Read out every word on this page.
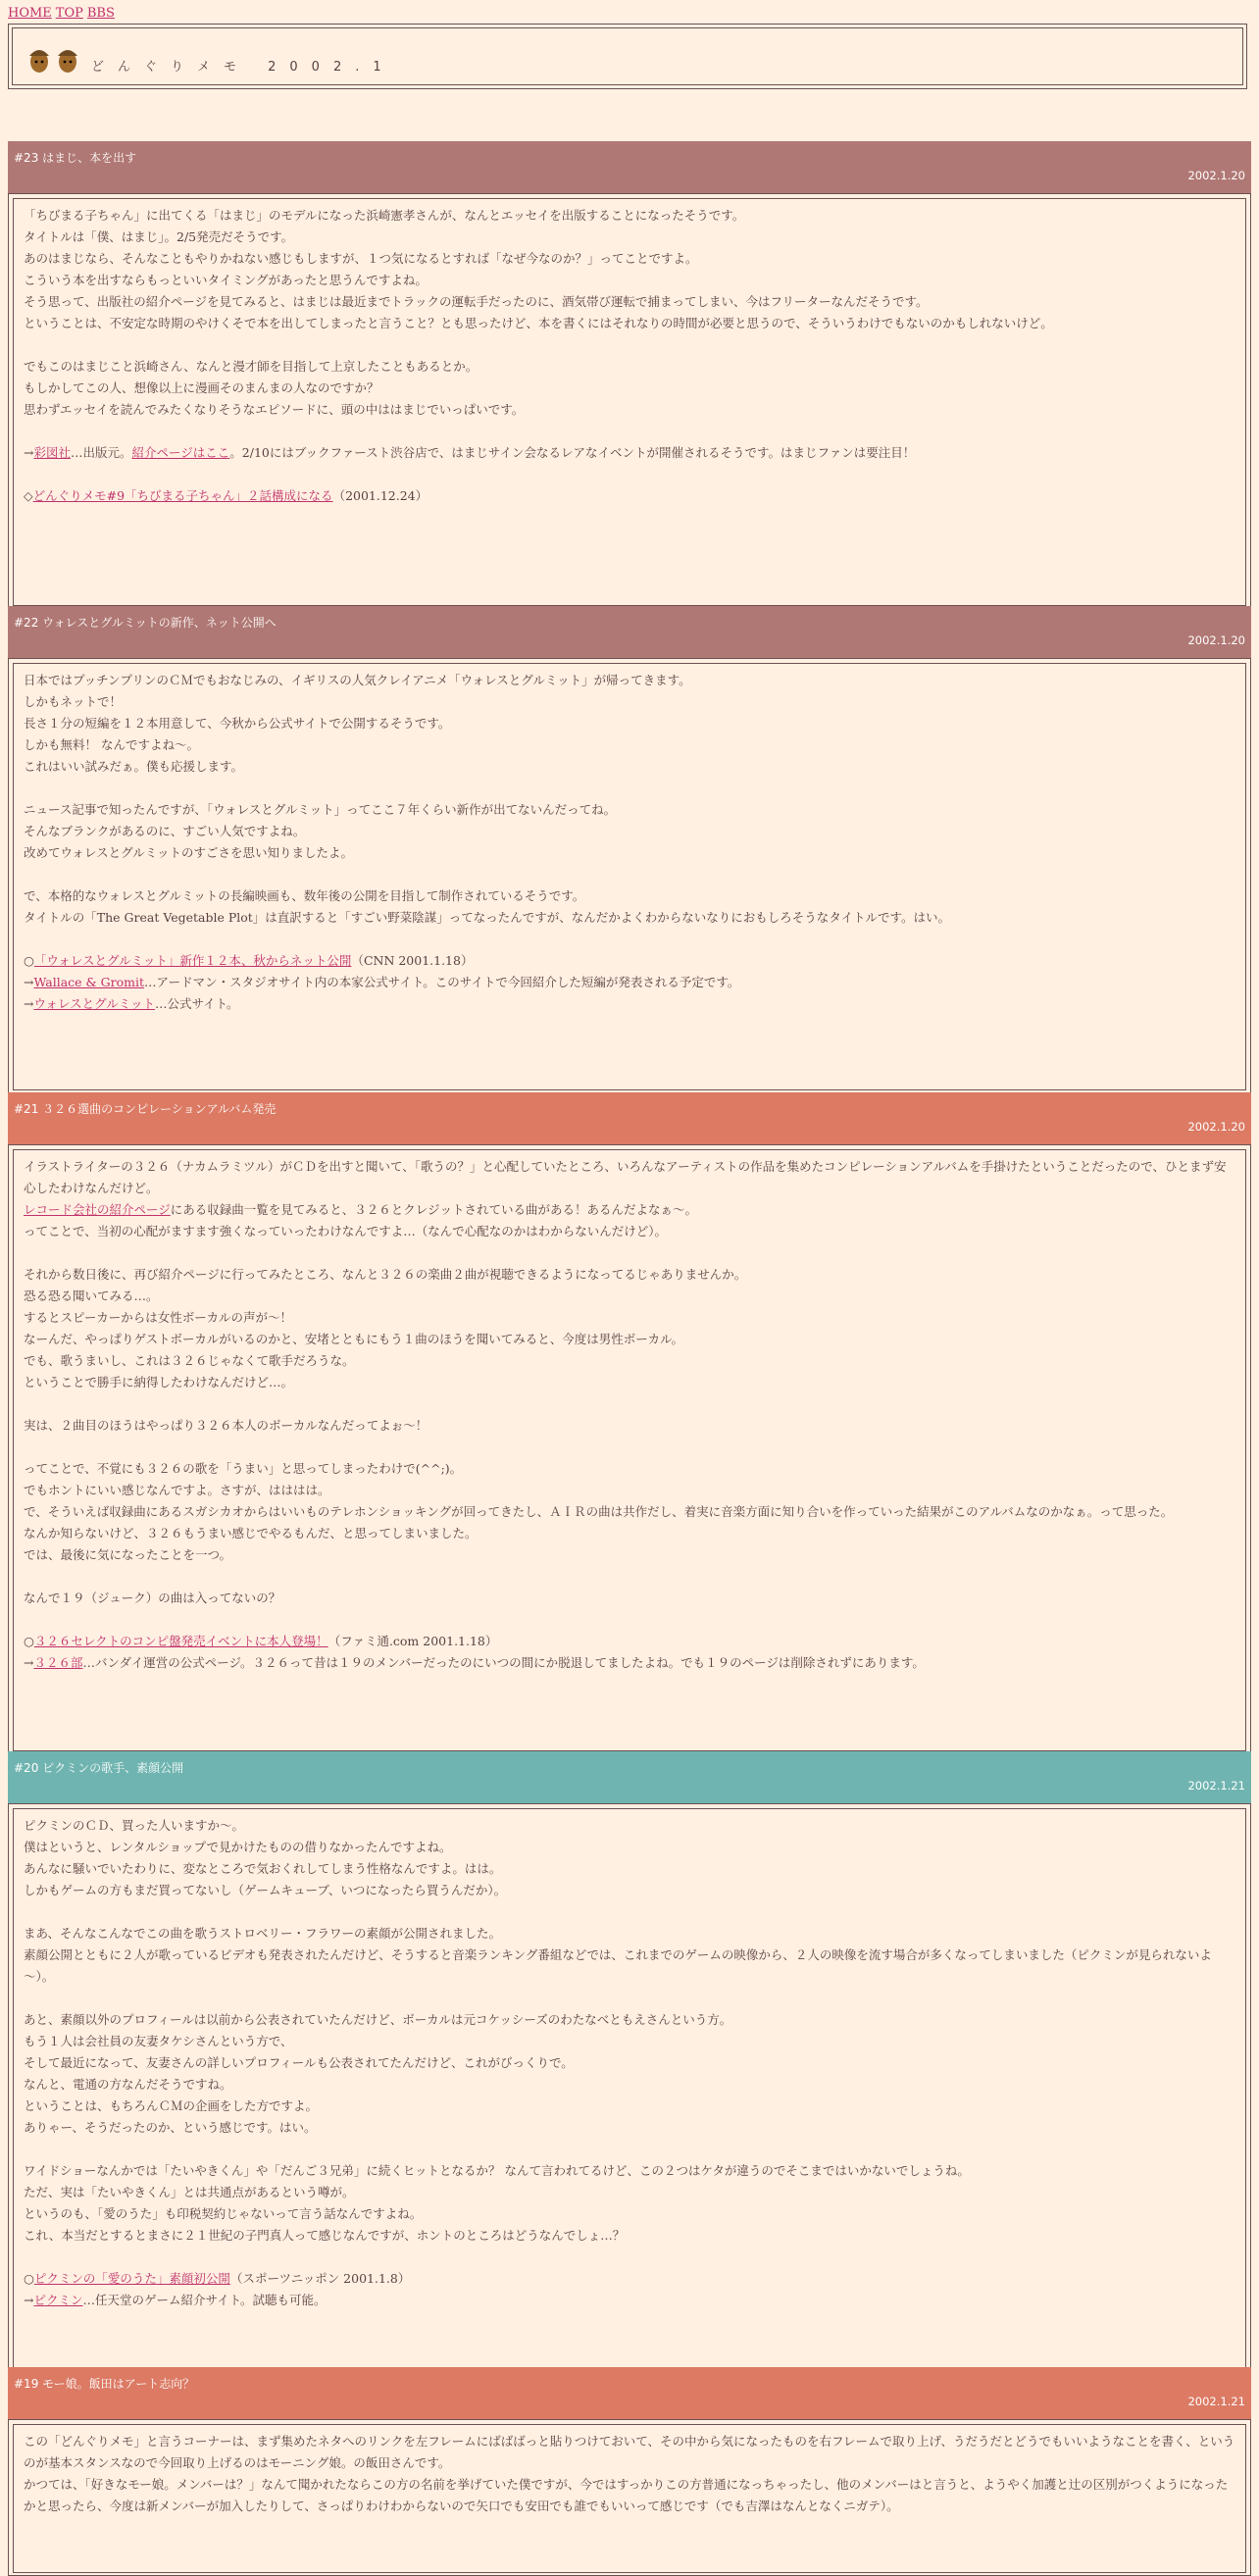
HOME TOP BBS
どんぐりメモ 2002.1
#23 はまじ、本を出す
2002.1.20

「ちびまる子ちゃん」に出てくる「はまじ」のモデルになった浜崎憲孝さんが、なんとエッセイを出版することになったそうです。

タイトルは「僕、はまじ」。2/5発売だそうです。

あのはまじなら、そんなこともやりかねない感じもしますが、１つ気になるとすれば「なぜ今なのか？」ってことですよ。

こういう本を出すならもっといいタイミングがあったと思うんですよね。

そう思って、出版社の紹介ページを見てみると、はまじは最近までトラックの運転手だったのに、酒気帯び運転で捕まってしまい、今はフリーターなんだそうです。

ということは、不安定な時期のやけくそで本を出してしまったと言うこと？とも思ったけど、本を書くにはそれなりの時間が必要と思うので、そういうわけでもないのかもしれないけど。

でもこのはまじこと浜崎さん、なんと漫才師を目指して上京したこともあるとか。

もしかしてこの人、想像以上に漫画そのまんまの人なのですか？

思わずエッセイを読んでみたくなりそうなエピソードに、頭の中ははまじでいっぱいです。

→彩図社…出版元。紹介ページはここ。2/10にはブックファースト渋谷店で、はまじサイン会なるレアなイベントが開催されるそうです。はまじファンは要注目！

◇どんぐりメモ#9「ちびまる子ちゃん」２話構成になる（2001.12.24）

#22 ウォレスとグルミットの新作、ネット公開へ
2002.1.20

日本ではプッチンプリンのＣＭでもおなじみの、イギリスの人気クレイアニメ「ウォレスとグルミット」が帰ってきます。

しかもネットで！

長さ１分の短編を１２本用意して、今秋から公式サイトで公開するそうです。

しかも無料！ なんですよね～。

これはいい試みだぁ。僕も応援します。

ニュース記事で知ったんですが、「ウォレスとグルミット」ってここ７年くらい新作が出てないんだってね。

そんなブランクがあるのに、すごい人気ですよね。

改めてウォレスとグルミットのすごさを思い知りましたよ。

で、本格的なウォレスとグルミットの長編映画も、数年後の公開を目指して制作されているそうです。

タイトルの「The Great Vegetable Plot」は直訳すると「すごい野菜陰謀」ってなったんですが、なんだかよくわからないなりにおもしろそうなタイトルです。はい。

○「ウォレスとグルミット」新作１２本、秋からネット公開（CNN 2001.1.18）

→Wallace & Gromit…アードマン・スタジオサイト内の本家公式サイト。このサイトで今回紹介した短編が発表される予定です。

→ウォレスとグルミット…公式サイト。

#21 ３２６選曲のコンピレーションアルバム発売
2002.1.20

イラストライターの３２６（ナカムラミツル）がＣＤを出すと聞いて、「歌うの？」と心配していたところ、いろんなアーティストの作品を集めたコンピレーションアルバムを手掛けたということだったので、ひとまず安心したわけなんだけど。

レコード会社の紹介ページにある収録曲一覧を見てみると、３２６とクレジットされている曲がある！あるんだよなぁ～。

ってことで、当初の心配がますます強くなっていったわけなんですよ…（なんで心配なのかはわからないんだけど）。

それから数日後に、再び紹介ページに行ってみたところ、なんと３２６の楽曲２曲が視聴できるようになってるじゃありませんか。

恐る恐る聞いてみる…。

するとスピーカーからは女性ボーカルの声が～！

なーんだ、やっぱりゲストボーカルがいるのかと、安堵とともにもう１曲のほうを聞いてみると、今度は男性ボーカル。

でも、歌うまいし、これは３２６じゃなくて歌手だろうな。

ということで勝手に納得したわけなんだけど…。

実は、２曲目のほうはやっぱり３２６本人のボーカルなんだってよぉ～！

ってことで、不覚にも３２６の歌を「うまい」と思ってしまったわけで(^^;)。

でもホントにいい感じなんですよ。さすが、はははは。

で、そういえば収録曲にあるスガシカオからはいいものテレホンショッキングが回ってきたし、ＡＩＲの曲は共作だし、着実に音楽方面に知り合いを作っていった結果がこのアルバムなのかなぁ。って思った。

なんか知らないけど、３２６もうまい感じでやるもんだ、と思ってしまいました。

では、最後に気になったことを一つ。

なんで１９（ジューク）の曲は入ってないの？

○３２６セレクトのコンピ盤発売イベントに本人登場！（ファミ通.com 2001.1.18）

→３２６部…バンダイ運営の公式ページ。３２６って昔は１９のメンバーだったのにいつの間にか脱退してましたよね。でも１９のページは削除されずにあります。

#20 ピクミンの歌手、素顔公開
2002.1.21

ピクミンのＣＤ、買った人いますか～。

僕はというと、レンタルショップで見かけたものの借りなかったんですよね。

あんなに騒いでいたわりに、変なところで気おくれしてしまう性格なんですよ。はは。

しかもゲームの方もまだ買ってないし（ゲームキューブ、いつになったら買うんだか）。

まあ、そんなこんなでこの曲を歌うストロベリー・フラワーの素顔が公開されました。

素顔公開とともに２人が歌っているビデオも発表されたんだけど、そうすると音楽ランキング番組などでは、これまでのゲームの映像から、２人の映像を流す場合が多くなってしまいました（ピクミンが見られないよ～）。

あと、素顔以外のプロフィールは以前から公表されていたんだけど、ボーカルは元コケッシーズのわたなべともえさんという方。

もう１人は会社員の友妻タケシさんという方で、

そして最近になって、友妻さんの詳しいプロフィールも公表されてたんだけど、これがびっくりで。

なんと、電通の方なんだそうですね。

ということは、もちろんＣＭの企画をした方ですよ。

ありゃー、そうだったのか、という感じです。はい。

ワイドショーなんかでは「たいやきくん」や「だんご３兄弟」に続くヒットとなるか？ なんて言われてるけど、この２つはケタが違うのでそこまではいかないでしょうね。

ただ、実は「たいやきくん」とは共通点があるという噂が。

というのも、「愛のうた」も印税契約じゃないって言う話なんですよね。

これ、本当だとするとまさに２１世紀の子門真人って感じなんですが、ホントのところはどうなんでしょ…？

○ピクミンの「愛のうた」素顔初公開（スポーツニッポン 2001.1.8）

→ピクミン…任天堂のゲーム紹介サイト。試聴も可能。

#19 モー娘。飯田はアート志向？
2002.1.21

この「どんぐりメモ」と言うコーナーは、まず集めたネタへのリンクを左フレームにばばばっと貼りつけておいて、その中から気になったものを右フレームで取り上げ、うだうだとどうでもいいようなことを書く、というのが基本スタンスなので今回取り上げるのはモーニング娘。の飯田さんです。

かつては、「好きなモー娘。メンバーは？」なんて聞かれたならこの方の名前を挙げていた僕ですが、今ではすっかりこの方普通になっちゃったし、他のメンバーはと言うと、ようやく加護と辻の区別がつくようになったかと思ったら、今度は新メンバーが加入したりして、さっぱりわけわからないので矢口でも安田でも誰でもいいって感じです（でも吉澤はなんとなくニガテ）。
